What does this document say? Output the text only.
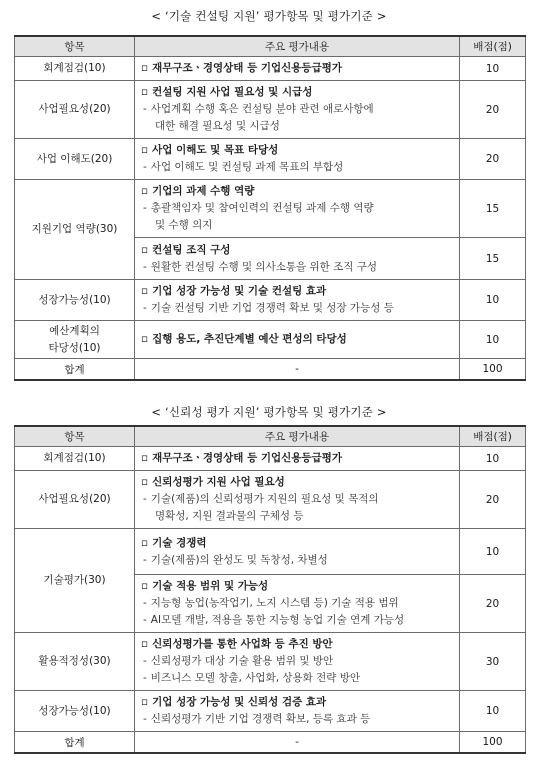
< ‘기술 컨설팅 지원’ 평가항목 및 평가기준 >
항목	주요 평가내용	배점(점)
회계점검(10)	▫ 재무구조ㆍ경영상태 등 기업신용등급평가	10
사업필요성(20)	▫ 컨설팅 지원 사업 필요성 및 시급성
- 사업계획 수행 혹은 컨설팅 분야 관련 애로사항에
대한 해결 필요성 및 시급성	20
사업 이해도(20)	▫ 사업 이해도 및 목표 타당성
- 사업 이해도 및 컨설팅 과제 목표의 부합성	20
지원기업 역량(30)	▫ 기업의 과제 수행 역량
- 총괄책임자 및 참여인력의 컨설팅 과제 수행 역량
및 수행 의지	15

	▫ 컨설팅 조직 구성
- 원활한 컨설팅 수행 및 의사소통을 위한 조직 구성	15
성장가능성(10)	▫ 기업 성장 가능성 및 기술 컨설팅 효과
- 기술 컨설팅 기반 기업 경쟁력 확보 및 성장 가능성 등	10

예산계획의
타당성(10)	▫ 집행 용도, 추진단계별 예산 편성의 타당성	10
합계	-	100
< ‘신뢰성 평가 지원’ 평가항목 및 평가기준 >
항목	주요 평가내용	배점(점)
회계점검(10)	▫ 재무구조ㆍ경영상태 등 기업신용등급평가	10
사업필요성(20)	▫ 신뢰성평가 지원 사업 필요성
- 기술(제품)의 신뢰성평가 지원의 필요성 및 목적의
명확성, 지원 결과물의 구체성 등	20
기술평가(30)	▫ 기술 경쟁력
- 기술(제품)의 완성도 및 독창성, 차별성	10

	▫ 기술 적용 범위 및 가능성
- 지능형 농업(농작업기, 노지 시스템 등) 기술 적용 범위
- AI모델 개발, 적용을 통한 지능형 농업 기술 연계 가능성	20
활용적정성(30)	▫ 신뢰성평가를 통한 사업화 등 추진 방안
- 신뢰성평가 대상 기술 활용 범위 및 방안
- 비즈니스 모델 창출, 사업화, 상용화 전략 방안	30
성장가능성(10)	▫ 기업 성장 가능성 및 신뢰성 검증 효과
- 신뢰성평가 기반 기업 경쟁력 확보, 등록 효과 등	10
합계	-	100
